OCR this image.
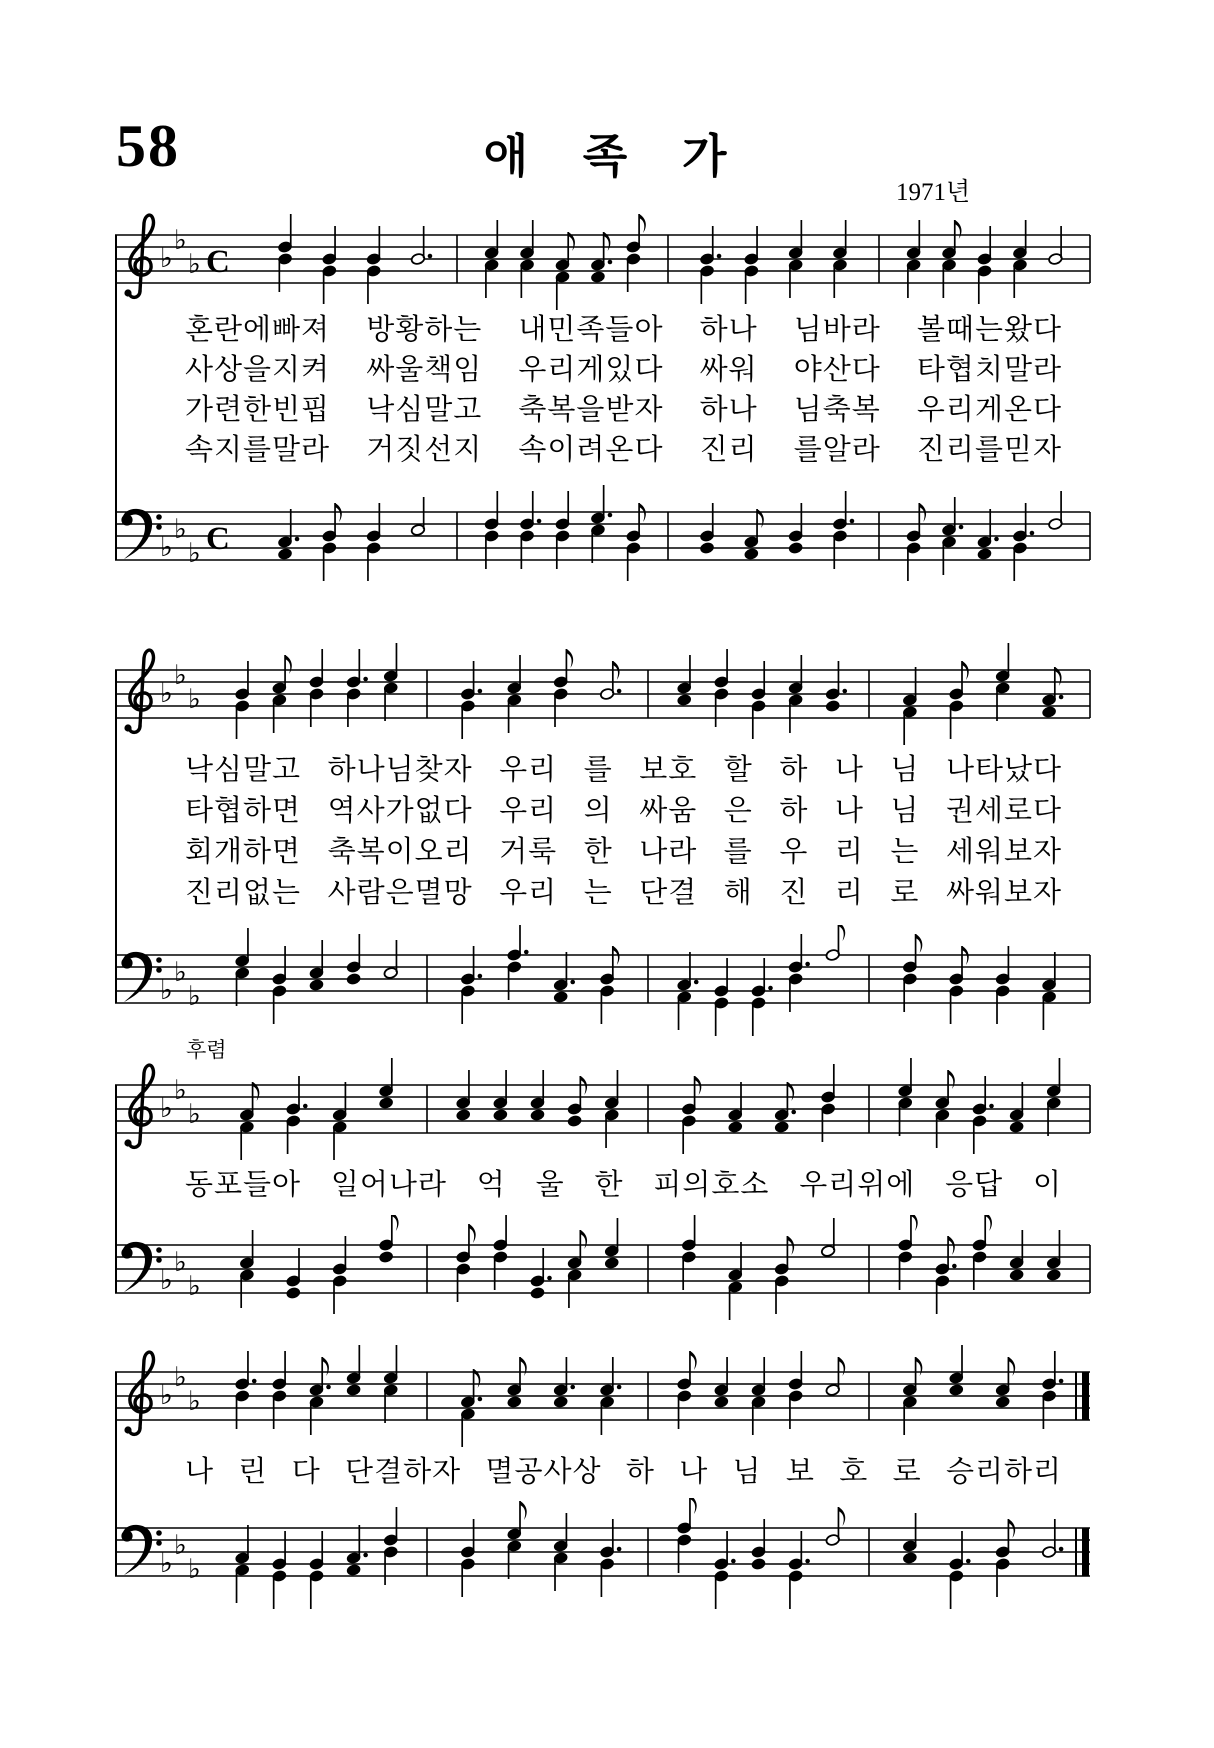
58	애 족 가
1971년
♭
♭
♭ C
혼란에빠져 방황하는 내민족들아 하나 님바라 볼때는왔다
사상을지켜 싸울책임 우리게있다 싸워 야산다 타협치말라
가련한빈핍 낙심말고 축복을받자 하나 님축복 우리게온다
속지를말라 거짓선지 속이려온다 진리 를알라 진리를믿자
♭
♭
♭ C
♭
♭
♭
낙심말고 하나님찾자 우리 를 보호 할 하 나 님 나타났다
타협하면 역사가없다 우리 의 싸움 은 하 나 님 권세로다
회개하면 축복이오리 거룩 한 나라 를 우 리 는 세워보자
진리없는 사람은멸망 우리 는 단결 해 진 리 로 싸워보자
♭
♭
♭
후렴
♭
♭
♭
동포들아 일어나라 억 울 한 피의호소 우리위에 응답 이
♭
♭
♭
♭
♭
♭
나 린 다 단결하자 멸공사상 하 나 님 보 호 로 승리하리
♭
♭
♭
